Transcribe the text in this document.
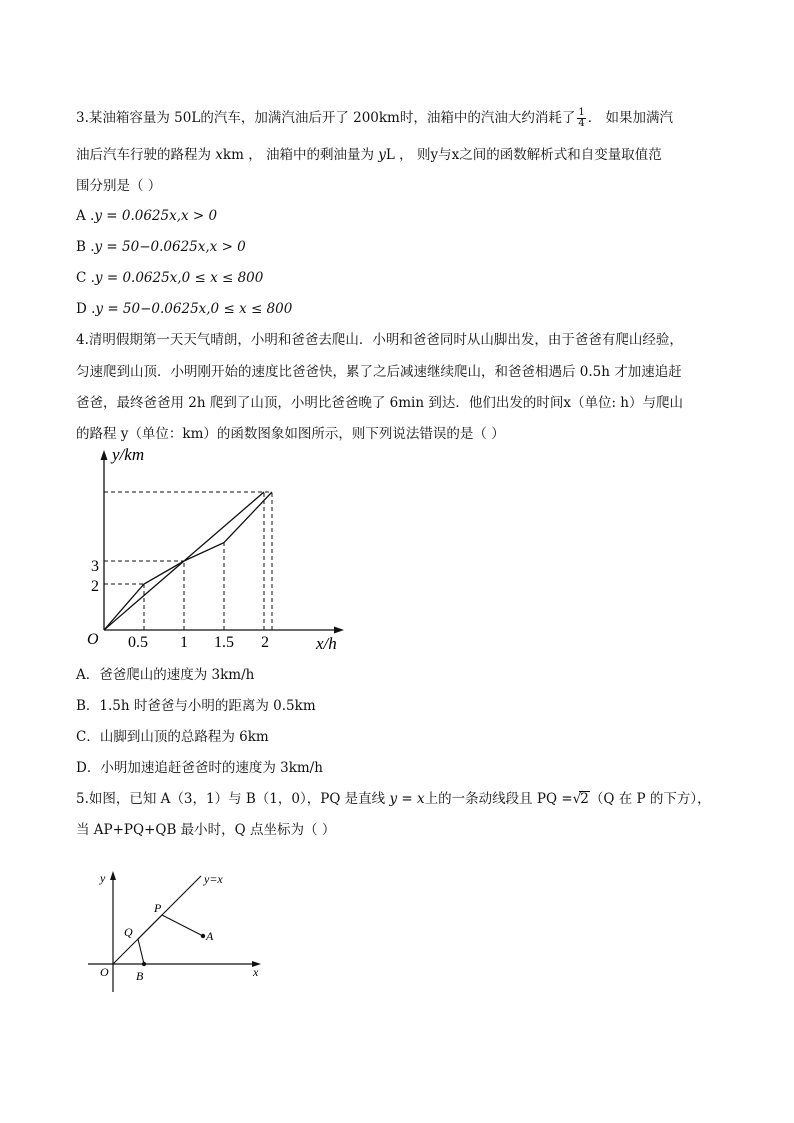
3.某油箱容量为 50L的汽车，加满汽油后开了 200km时，油箱中的汽油大约消耗了 $\frac{1}{4}$ ． 如果加满汽
油后汽车行驶的路程为 xkm ， 油箱中的剩油量为 yL ， 则y与x之间的函数解析式和自变量取值范
围分别是（ ）
A .y = 0.0625x,x > 0
B .y = 50−0.0625x,x > 0
C .y = 0.0625x,0 ≤ x ≤ 800
D .y = 50−0.0625x,0 ≤ x ≤ 800
4.清明假期第一天天气晴朗，小明和爸爸去爬山．小明和爸爸同时从山脚出发，由于爸爸有爬山经验，
匀速爬到山顶．小明刚开始的速度比爸爸快，累了之后减速继续爬山，和爸爸相遇后 0.5h 才加速追赶
爸爸，最终爸爸用 2h 爬到了山顶，小明比爸爸晚了 6min 到达．他们出发的时间x（单位: h）与爬山
的路程 y（单位：km）的函数图象如图所示，则下列说法错误的是（ ）
y/km
x/h
O
3
2
0.5 1 1.5 2
A．爸爸爬山的速度为 3km/h
B．1.5h 时爸爸与小明的距离为 0.5km
C．山脚到山顶的总路程为 6km
D．小明加速追赶爸爸时的速度为 3km/h
5.如图，已知 A（3，1）与 B（1，0），PQ 是直线 y = x上的一条动线段且 PQ =√2（Q 在 P 的下方），
当 AP+PQ+QB 最小时，Q 点坐标为（ ）
y
x
y=x
O
P
Q	A
B
